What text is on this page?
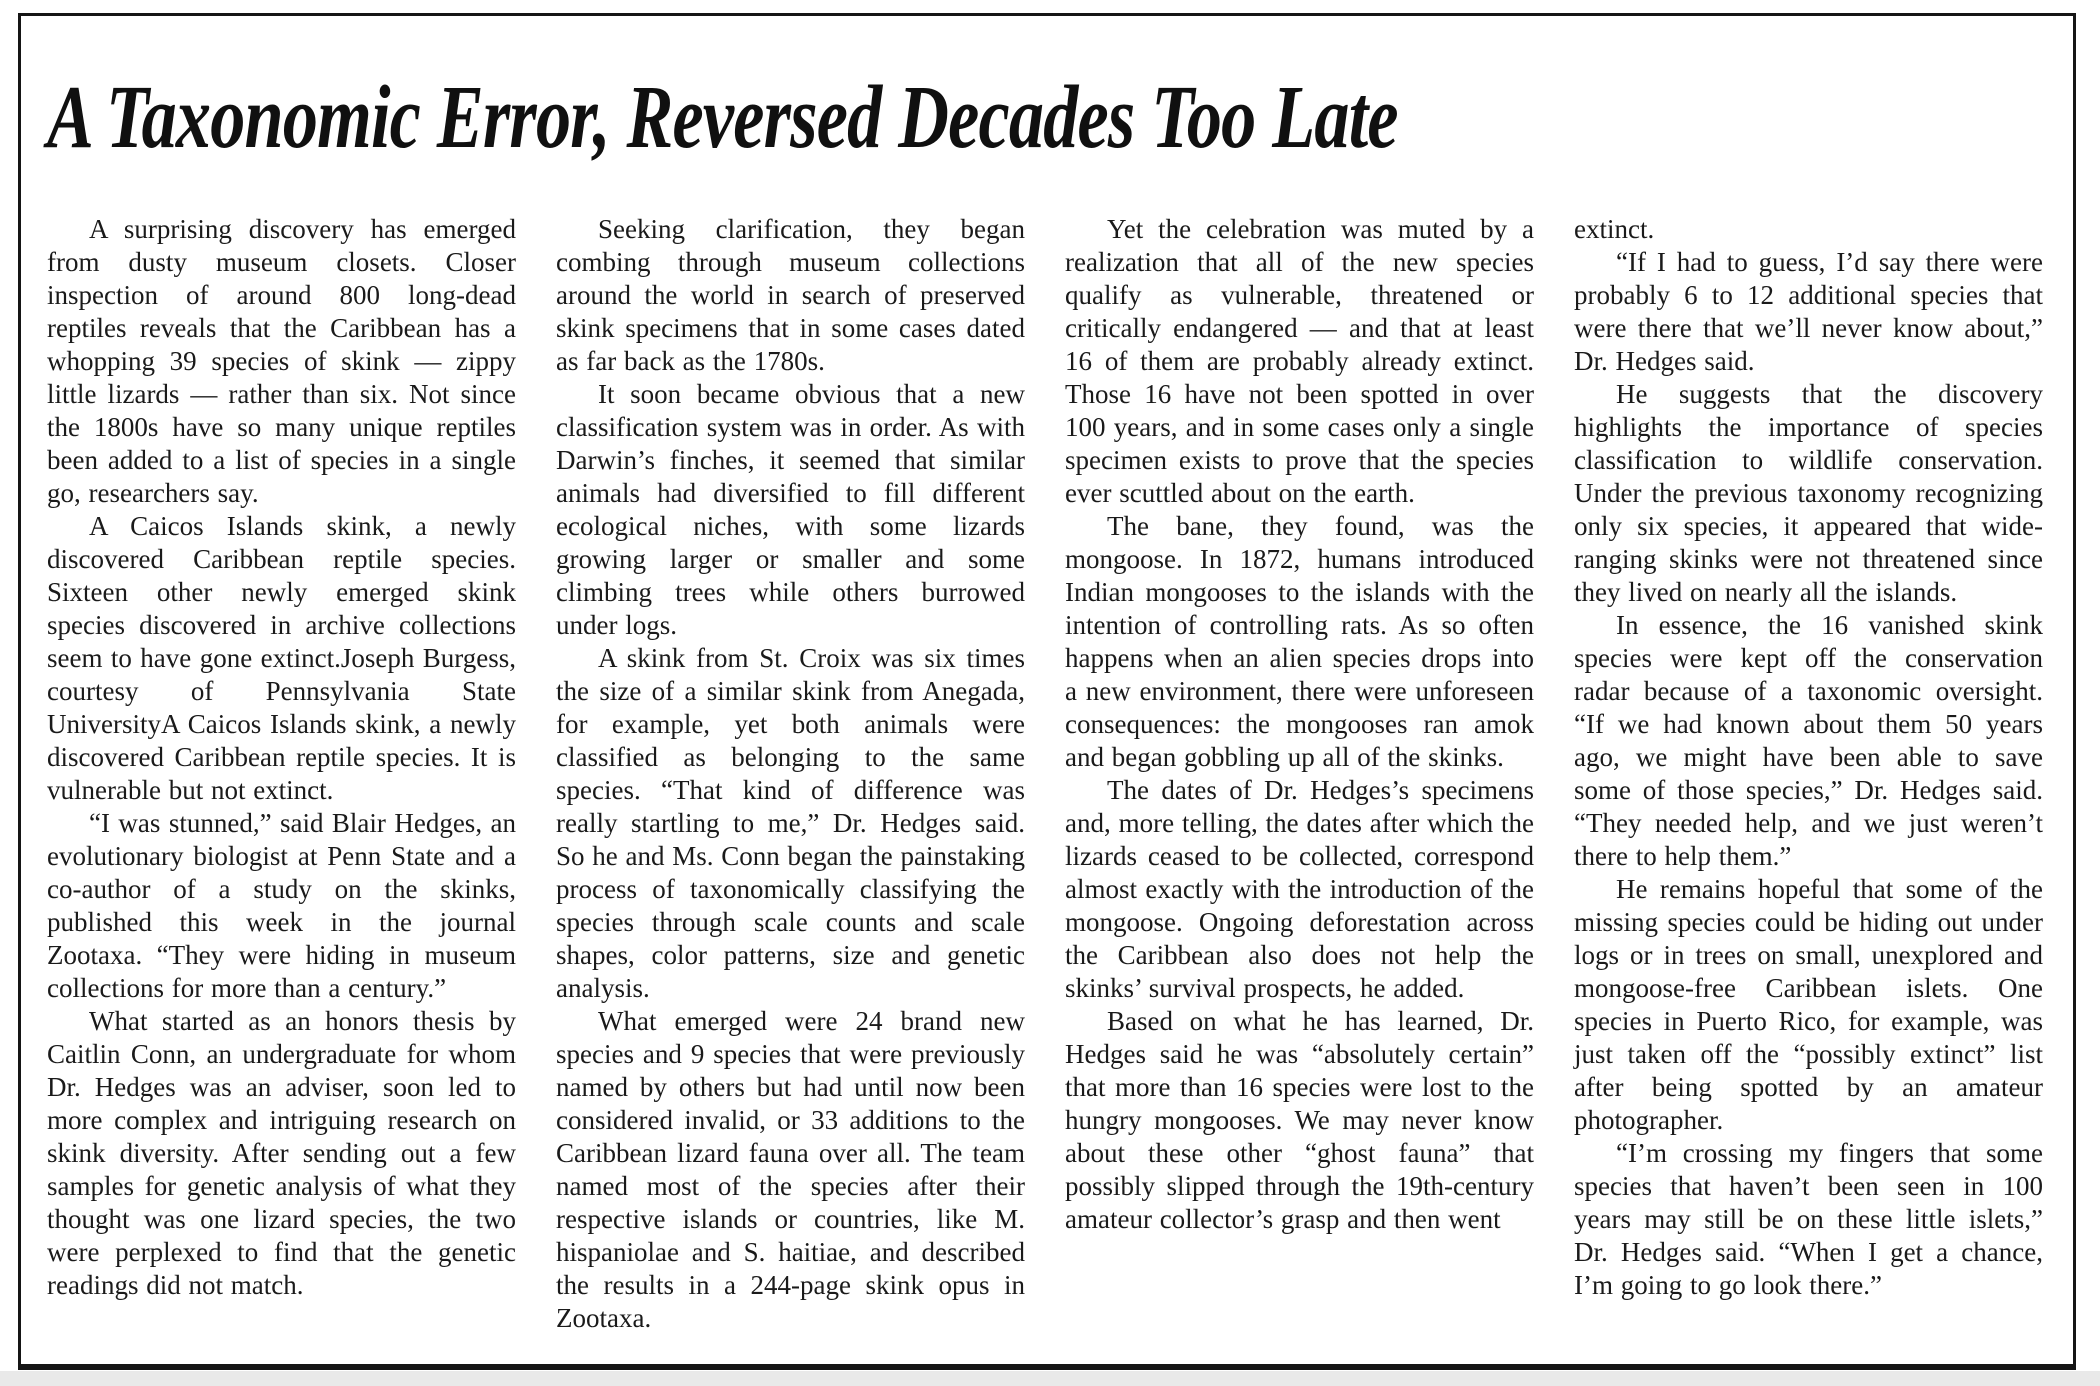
A Taxonomic Error, Reversed Decades Too Late

A surprising discovery has emerged from dusty museum closets. Closer inspection of around 800 long-dead reptiles reveals that the Caribbean has a whopping 39 species of skink — zippy little lizards — rather than six. Not since the 1800s have so many unique reptiles been added to a list of species in a single go, researchers say.

A Caicos Islands skink, a newly discovered Caribbean reptile species. Sixteen other newly emerged skink species discovered in archive collections seem to have gone extinct.Joseph Burgess, courtesy of Pennsylvania State UniversityA Caicos Islands skink, a newly discovered Caribbean reptile species. It is vulnerable but not extinct.

“I was stunned,” said Blair Hedges, an evolutionary biologist at Penn State and a co-author of a study on the skinks, published this week in the journal Zootaxa. “They were hiding in museum collections for more than a century.”

What started as an honors thesis by Caitlin Conn, an undergraduate for whom Dr. Hedges was an adviser, soon led to more complex and intriguing research on skink diversity. After sending out a few samples for genetic analysis of what they thought was one lizard species, the two were perplexed to find that the genetic readings did not match.

Seeking clarification, they began combing through museum collections around the world in search of preserved skink specimens that in some cases dated as far back as the 1780s.

It soon became obvious that a new classification system was in order. As with Darwin’s finches, it seemed that similar animals had diversified to fill different ecological niches, with some lizards growing larger or smaller and some climbing trees while others burrowed under logs.

A skink from St. Croix was six times the size of a similar skink from Anegada, for example, yet both animals were classified as belonging to the same species. “That kind of difference was really startling to me,” Dr. Hedges said. So he and Ms. Conn began the painstaking process of taxonomically classifying the species through scale counts and scale shapes, color patterns, size and genetic analysis.

What emerged were 24 brand new species and 9 species that were previously named by others but had until now been considered invalid, or 33 additions to the Caribbean lizard fauna over all. The team named most of the species after their respective islands or countries, like M. hispaniolae and S. haitiae, and described the results in a 244-page skink opus in Zootaxa.

Yet the celebration was muted by a realization that all of the new species qualify as vulnerable, threatened or critically endangered — and that at least 16 of them are probably already extinct. Those 16 have not been spotted in over 100 years, and in some cases only a single specimen exists to prove that the species ever scuttled about on the earth.

The bane, they found, was the mongoose. In 1872, humans introduced Indian mongooses to the islands with the intention of controlling rats. As so often happens when an alien species drops into a new environment, there were unforeseen consequences: the mongooses ran amok and began gobbling up all of the skinks.

The dates of Dr. Hedges’s specimens and, more telling, the dates after which the lizards ceased to be collected, correspond almost exactly with the introduction of the mongoose. Ongoing deforestation across the Caribbean also does not help the skinks’ survival prospects, he added.

Based on what he has learned, Dr. Hedges said he was “absolutely certain” that more than 16 species were lost to the hungry mongooses. We may never know about these other “ghost fauna” that possibly slipped through the 19th-century amateur collector’s grasp and then went

extinct.

“If I had to guess, I’d say there were probably 6 to 12 additional species that were there that we’ll never know about,” Dr. Hedges said.

He suggests that the discovery highlights the importance of species classification to wildlife conservation. Under the previous taxonomy recognizing only six species, it appeared that wide-ranging skinks were not threatened since they lived on nearly all the islands.

In essence, the 16 vanished skink species were kept off the conservation radar because of a taxonomic oversight. “If we had known about them 50 years ago, we might have been able to save some of those species,” Dr. Hedges said. “They needed help, and we just weren’t there to help them.”

He remains hopeful that some of the missing species could be hiding out under logs or in trees on small, unexplored and mongoose-free Caribbean islets. One species in Puerto Rico, for example, was just taken off the “possibly extinct” list after being spotted by an amateur photographer.

“I’m crossing my fingers that some species that haven’t been seen in 100 years may still be on these little islets,” Dr. Hedges said. “When I get a chance, I’m going to go look there.”
